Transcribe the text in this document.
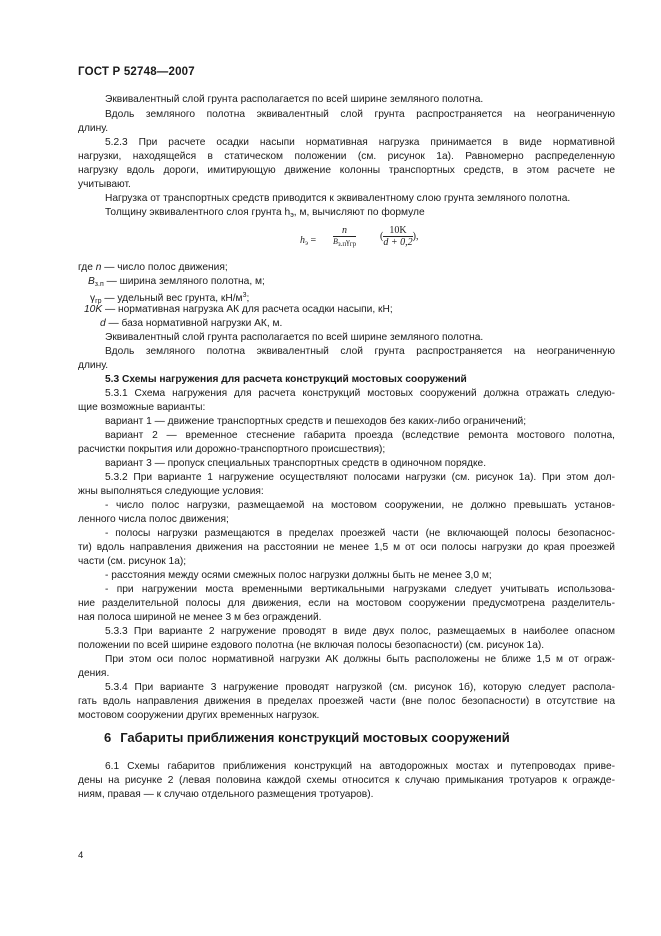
ГОСТ Р 52748—2007
Эквивалентный слой грунта располагается по всей ширине земляного полотна.
Вдоль земляного полотна эквивалентный слой грунта распространяется на неограниченную
длину.
5.2.3 При расчете осадки насыпи нормативная нагрузка принимается в виде нормативной
нагрузки, находящейся в статическом положении (см. рисунок 1а). Равномерно распределенную
нагрузку вдоль дороги, имитирующую движение колонны транспортных средств, в этом расчете не
учитывают.
Нагрузка от транспортных средств приводится к эквивалентному слою грунта земляного полотна.
Толщину эквивалентного слоя грунта $h_э$, м, вычисляют по формуле
$h_э$ =
n
$B_{з.п}\gamma_{гр}$
( $\frac{10K}{d + 0,2}$ ),
где n — число полос движения;
$B_{з.п}$ — ширина земляного полотна, м;
$\gamma_{гр}$ — удельный вес грунта, $кН/м^3$;
10K — нормативная нагрузка АК для расчета осадки насыпи, кН;
d — база нормативной нагрузки АК, м.
Эквивалентный слой грунта располагается по всей ширине земляного полотна.
Вдоль земляного полотна эквивалентный слой грунта распространяется на неограниченную
длину.
5.3 Схемы нагружения для расчета конструкций мостовых сооружений
5.3.1 Схема нагружения для расчета конструкций мостовых сооружений должна отражать следую-
щие возможные варианты:
вариант 1 — движение транспортных средств и пешеходов без каких-либо ограничений;
вариант 2 — временное стеснение габарита проезда (вследствие ремонта мостового полотна,
расчистки покрытия или дорожно-транспортного происшествия);
вариант 3 — пропуск специальных транспортных средств в одиночном порядке.
5.3.2 При варианте 1 нагружение осуществляют полосами нагрузки (см. рисунок 1а). При этом дол-
жны выполняться следующие условия:
- число полос нагрузки, размещаемой на мостовом сооружении, не должно превышать установ-
ленного числа полос движения;
- полосы нагрузки размещаются в пределах проезжей части (не включающей полосы безопаснос-
ти) вдоль направления движения на расстоянии не менее 1,5 м от оси полосы нагрузки до края проезжей
части (см. рисунок 1а);
- расстояния между осями смежных полос нагрузки должны быть не менее 3,0 м;
- при нагружении моста временными вертикальными нагрузками следует учитывать использова-
ние разделительной полосы для движения, если на мостовом сооружении предусмотрена разделитель-
ная полоса шириной не менее 3 м без ограждений.
5.3.3 При варианте 2 нагружение проводят в виде двух полос, размещаемых в наиболее опасном
положении по всей ширине ездового полотна (не включая полосы безопасности) (см. рисунок 1а).
При этом оси полос нормативной нагрузки АК должны быть расположены не ближе 1,5 м от ограж-
дения.
5.3.4 При варианте 3 нагружение проводят нагрузкой (см. рисунок 1б), которую следует распола-
гать вдоль направления движения в пределах проезжей части (вне полос безопасности) в отсутствие на
мостовом сооружении других временных нагрузок.
6 Габариты приближения конструкций мостовых сооружений
6.1 Схемы габаритов приближения конструкций на автодорожных мостах и путепроводах приве-
дены на рисунке 2 (левая половина каждой схемы относится к случаю примыкания тротуаров к огражде-
ниям, правая — к случаю отдельного размещения тротуаров).
4
